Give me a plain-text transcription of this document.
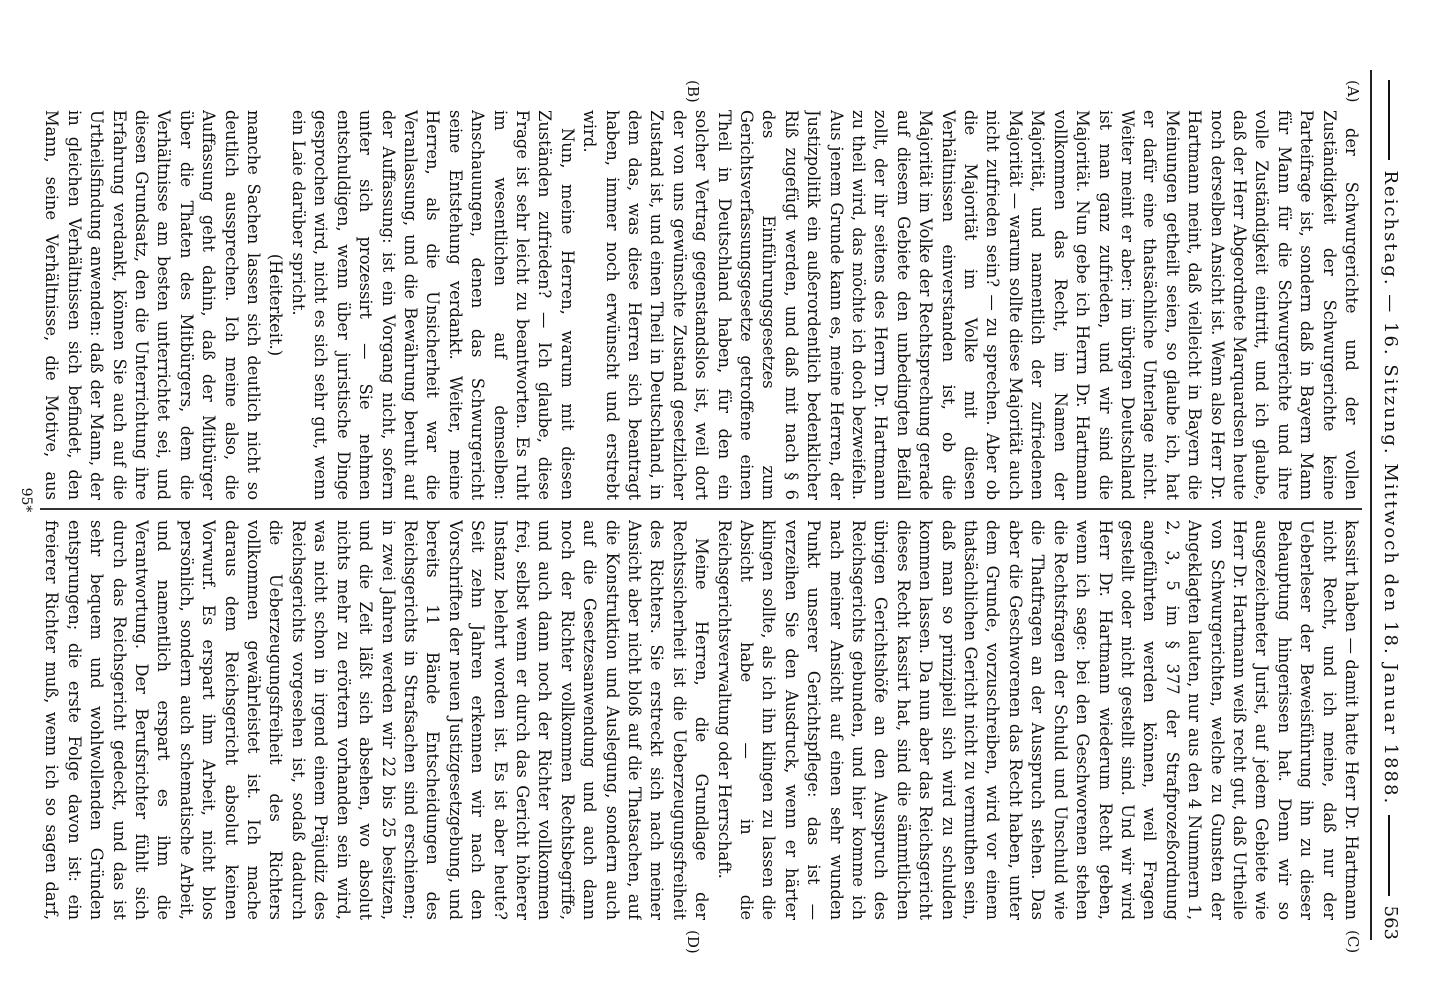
Reichstag. — 16. Sitzung. Mittwoch den 18. Januar 1888.
563
(A)
(B)
(C)
(D)

der Schwurgerichte und der vollen Zuständigkeit der Schwurgerichte keine Parteifrage ist, sondern daß in Bayern Mann für Mann für die Schwurgerichte und ihre volle Zuständigkeit eintritt, und ich glaube, daß der Herr Abgeordnete Marquardsen heute noch derselben Ansicht ist. Wenn also Herr Dr. Hartmann meint, daß vielleicht in Bayern die Meinungen getheilt seien, so glaube ich, hat er dafür eine thatsächliche Unterlage nicht. Weiter meint er aber: im übrigen Deutschland ist man ganz zufrieden, und wir sind die Majorität. Nun gebe ich Herrn Dr. Hartmann vollkommen das Recht, im Namen der Majorität, und namentlich der zufriedenen Majorität — warum sollte diese Majorität auch nicht zufrieden sein? — zu sprechen. Aber ob die Majorität im Volke mit diesen Verhältnissen einverstanden ist, ob die Majorität im Volke der Rechtsprechung gerade auf diesem Gebiete den unbedingten Beifall zollt, der ihr seitens des Herrn Dr. Hartmann zu theil wird, das möchte ich doch bezweifeln. Aus jenem Grunde kann es, meine Herren, der Justizpolitik ein außerordentlich bedenklicher Riß zugefügt werden, und daß mit nach § 6 des Einführungsgesetzes zum Gerichtsverfassungsgesetze getroffene einen Theil in Deutschland haben, für den ein solcher Vertrag gegenstandslos ist, weil dort der von uns gewünschte Zustand gesetzlicher Zustand ist, und einen Theil in Deutschland, in dem das, was diese Herren sich beantragt haben, immer noch erwünscht und erstrebt wird.

Nun, meine Herren, warum mit diesen Zuständen zufrieden? — Ich glaube, diese Frage ist sehr leicht zu beantworten. Es ruht im wesentlichen auf demselben: Anschauungen, denen das Schwurgericht seine Entstehung verdankt. Weiter, meine Herren, als die Unsicherheit war die Veranlassung, und die Bewährung beruht auf der Auffassung: ist ein Vorgang nicht, sofern unter sich prozessirt — Sie nehmen entschuldigen, wenn über juristische Dinge gesprochen wird, nicht es sich sehr gut, wenn ein Laie darüber spricht.

(Heiterkeit.)

manche Sachen lassen sich deutlich nicht so deutlich aussprechen. Ich meine also, die Auffassung geht dahin, daß der Mitbürger über die Thaten des Mitbürgers, dem die Verhältnisse am besten unterrichtet sei, und diesen Grundsatz, den die Unterrichtung ihre Erfahrung verdankt, können Sie auch auf die Urtheilsfindung anwenden: daß der Mann, der in gleichen Verhältnissen sich befindet, den Mann, seine Verhältnisse, die Motive, aus

kassirt haben — damit hatte Herr Dr. Hartmann nicht Recht, und ich meine, daß nur der Ueberleser der Beweisführung ihn zu dieser Behauptung hingerissen hat. Denn wir so ausgezeichneter Jurist, auf jedem Gebiete wie Herr Dr. Hartmann weiß recht gut, daß Urtheile von Schwurgerichten, welche zu Gunsten der Angeklagten lauten, nur aus den 4 Nummern 1, 2, 3, 5 im § 377 der Strafprozeßordnung angeführten werden können, weil Fragen gestellt oder nicht gestellt sind. Und wir wird Herr Dr. Hartmann wiederum Recht geben, wenn ich sage: bei den Geschworenen stehen die Rechtsfragen der Schuld und Unschuld wie die Thatfragen an der Ausspruch stehen. Das aber die Geschworenen das Recht haben, unter dem Grunde, vorzuschreiben, wird vor einem thatsächlichen Gericht nicht zu vermuthen sein, daß man so prinzipiell sich wird zu schulden kommen lassen. Da nun aber das Reichsgericht dieses Recht kassirt hat, sind die sämmtlichen übrigen Gerichtshöfe an den Ausspruch des Reichsgerichts gebunden, und hier komme ich nach meiner Ansicht auf einen sehr wunden Punkt unserer Gerichtspflege: das ist — verzeihen Sie den Ausdruck, wenn er härter klingen sollte, als ich ihn klingen zu lassen die Absicht habe — in die Reichsgerichtsverwaltung oder Herrschaft.

Meine Herren, die Grundlage der Rechtssicherheit ist die Ueberzeugungsfreiheit des Richters. Sie erstreckt sich nach meiner Ansicht aber nicht bloß auf die Thatsachen, auf die Konstruktion und Auslegung, sondern auch auf die Gesetzesanwendung und auch dann noch der Richter vollkommen Rechtsbegriffe, und auch dann noch der Richter vollkommen frei, selbst wenn er durch das Gericht höherer Instanz belehrt worden ist. Es ist aber heute? Seit zehn Jahren erkennen wir nach den Vorschriften der neuen Justizgesetzgebung, und bereits 11 Bände Entscheidungen des Reichsgerichts in Strafsachen sind erschienen; in zwei Jahren werden wir 22 bis 25 besitzen, und die Zeit läßt sich absehen, wo absolut nichts mehr zu erörtern vorhanden sein wird, was nicht schon in irgend einem Präjudiz des Reichsgerichts vorgesehen ist, sodaß dadurch die Ueberzeugungsfreiheit des Richters vollkommen gewährleistet ist. Ich mache daraus dem Reichsgericht absolut keinen Vorwurf. Es erspart ihm Arbeit, nicht blos persönlich, sondern auch schematische Arbeit, und namentlich erspart es ihm die Verantwortung. Der Berufsrichter fühlt sich durch das Reichsgericht gedeckt, und das ist sehr bequem und wohlwollenden Gründen entsprungen; die erste Folge davon ist: ein freierer Richter muß, wenn ich so sagen darf,

95*
